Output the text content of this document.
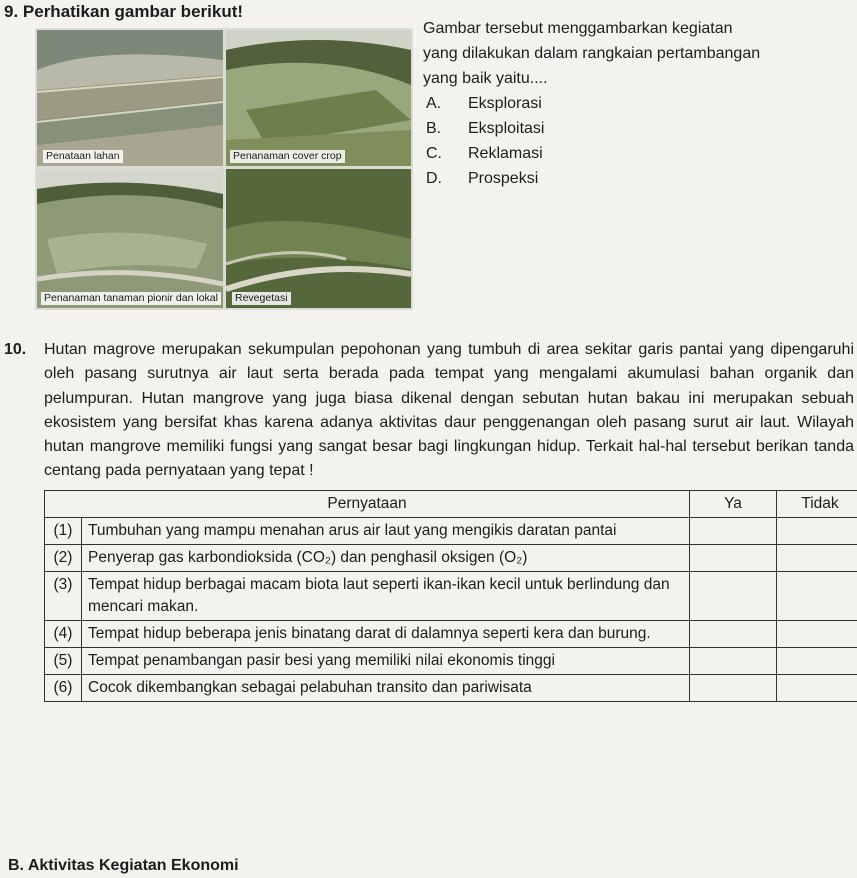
9. Perhatikan gambar berikut!
Penataan lahan	Penanaman cover crop
Penanaman tanaman pionir dan lokal Revegetasi
Gambar tersebut menggambarkan kegiatan
yang dilakukan dalam rangkaian pertambangan
yang baik yaitu....
A. Eksplorasi
B. Eksploitasi
C. Reklamasi
D. Prospeksi
10. Hutan magrove merupakan sekumpulan pepohonan yang tumbuh di area sekitar garis pantai yang dipengaruhi oleh pasang surutnya air laut serta berada pada tempat yang mengalami akumulasi bahan organik dan pelumpuran. Hutan mangrove yang juga biasa dikenal dengan sebutan hutan bakau ini merupakan sebuah ekosistem yang bersifat khas karena adanya aktivitas daur penggenangan oleh pasang surut air laut. Wilayah hutan mangrove memiliki fungsi yang sangat besar bagi lingkungan hidup. Terkait hal-hal tersebut berikan tanda centang pada pernyataan yang tepat !
Pernyataan		Ya	Tidak
(1)	Tumbuhan yang mampu menahan arus air laut yang mengikis daratan pantai		
(2)	Penyerap gas karbondioksida (CO₂) dan penghasil oksigen (O₂)		
(3)	Tempat hidup berbagai macam biota laut seperti ikan-ikan kecil untuk berlindung dan mencari makan.		
(4)	Tempat hidup beberapa jenis binatang darat di dalamnya seperti kera dan burung.		
(5)	Tempat penambangan pasir besi yang memiliki nilai ekonomis tinggi		
(6)	Cocok dikembangkan sebagai pelabuhan transito dan pariwisata		
B. Aktivitas Kegiatan Ekonomi
